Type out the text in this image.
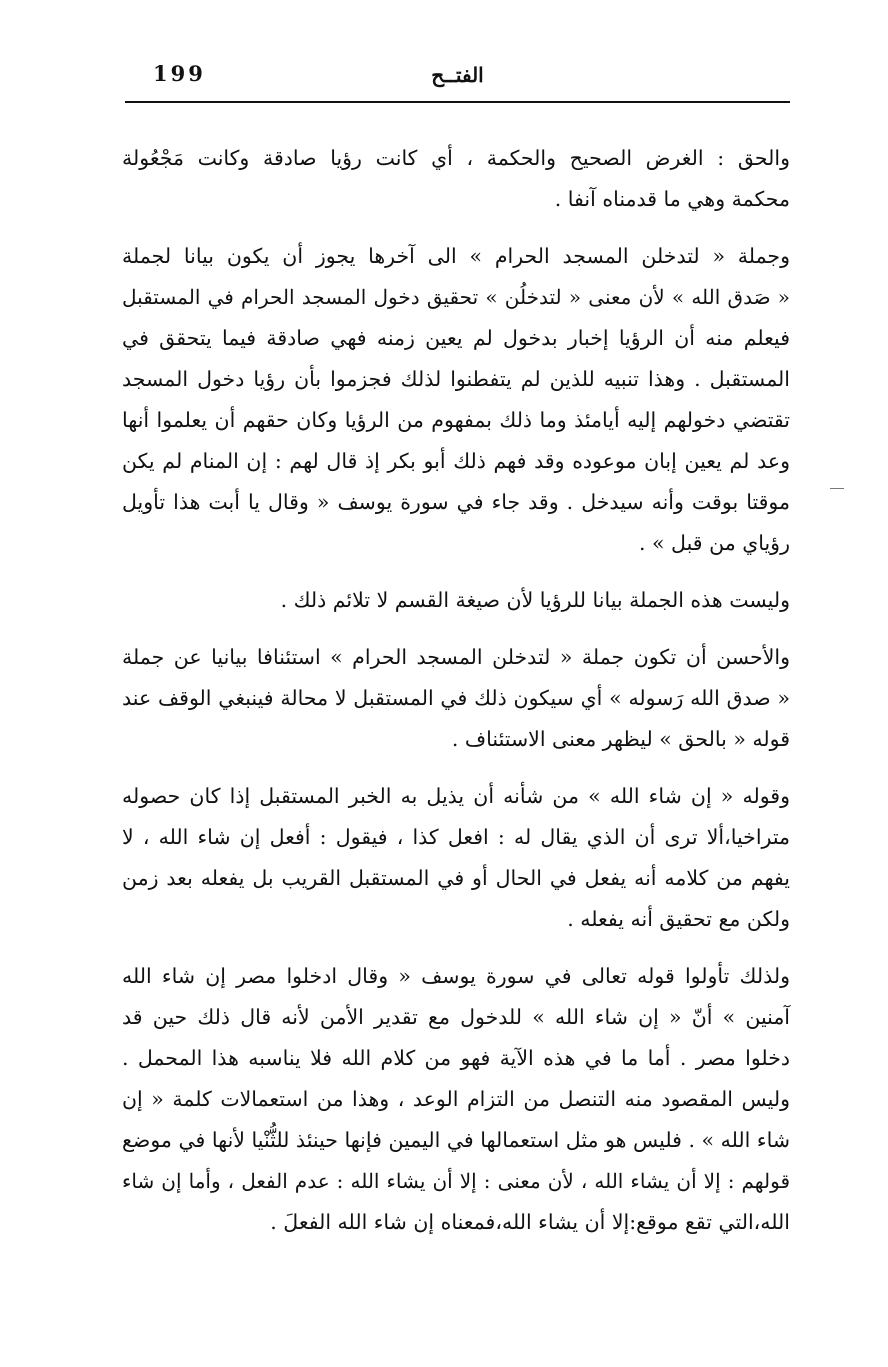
199	الفتــح
والحق : الغرض الصحيح والحكمة ، أي كانت رؤيا صادقة وكانت مَجْعُولة
محكمة وهي ما قدمناه آنفا .
وجملة « لتدخلن المسجد الحرام » الى آخرها يجوز أن يكون بيانا لجملة
« صَدق الله » لأن معنى « لتدخلُن » تحقيق دخول المسجد الحرام في المستقبل
فيعلم منه أن الرؤيا إخبار بدخول لم يعين زمنه فهي صادقة فيما يتحقق في
المستقبل . وهذا تنبيه للذين لم يتفطنوا لذلك فجزموا بأن رؤيا دخول المسجد
تقتضي دخولهم إليه أيامئذ وما ذلك بمفهوم من الرؤيا وكان حقهم أن يعلموا أنها
وعد لم يعين إبان موعوده وقد فهم ذلك أبو بكر إذ قال لهم : إن المنام لم يكن
موقتا بوقت وأنه سيدخل . وقد جاء في سورة يوسف « وقال يا أبت هذا تأويل
رؤياي من قبل » .
وليست هذه الجملة بيانا للرؤيا لأن صيغة القسم لا تلائم ذلك .
والأحسن أن تكون جملة « لتدخلن المسجد الحرام » استئنافا بيانيا عن جملة
« صدق الله رَسوله » أي سيكون ذلك في المستقبل لا محالة فينبغي الوقف عند
قوله « بالحق » ليظهر معنى الاستئناف .
وقوله « إن شاء الله » من شأنه أن يذيل به الخبر المستقبل إذا كان حصوله
متراخيا،ألا ترى أن الذي يقال له : افعل كذا ، فيقول : أفعل إن شاء الله ، لا
يفهم من كلامه أنه يفعل في الحال أو في المستقبل القريب بل يفعله بعد زمن
ولكن مع تحقيق أنه يفعله .
ولذلك تأولوا قوله تعالى في سورة يوسف « وقال ادخلوا مصر إن شاء الله
آمنين » أنّ « إن شاء الله » للدخول مع تقدير الأمن لأنه قال ذلك حين قد
دخلوا مصر . أما ما في هذه الآية فهو من كلام الله فلا يناسبه هذا المحمل .
وليس المقصود منه التنصل من التزام الوعد ، وهذا من استعمالات كلمة « إن
شاء الله » . فليس هو مثل استعمالها في اليمين فإنها حينئذ للثُّنْيا لأنها في موضع
قولهم : إلا أن يشاء الله ، لأن معنى : إلا أن يشاء الله : عدم الفعل ، وأما إن شاء
الله،التي تقع موقع:إلا أن يشاء الله،فمعناه إن شاء الله الفعلَ .
